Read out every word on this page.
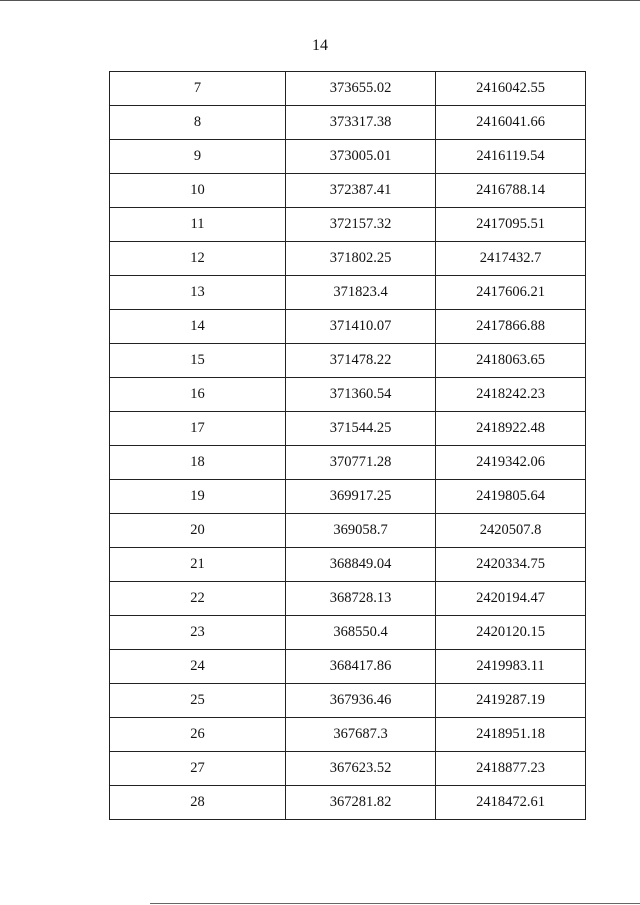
14
7	373655.02	2416042.55
8	373317.38	2416041.66
9	373005.01	2416119.54
10	372387.41	2416788.14
11	372157.32	2417095.51
12	371802.25	2417432.7
13	371823.4	2417606.21
14	371410.07	2417866.88
15	371478.22	2418063.65
16	371360.54	2418242.23
17	371544.25	2418922.48
18	370771.28	2419342.06
19	369917.25	2419805.64
20	369058.7	2420507.8
21	368849.04	2420334.75
22	368728.13	2420194.47
23	368550.4	2420120.15
24	368417.86	2419983.11
25	367936.46	2419287.19
26	367687.3	2418951.18
27	367623.52	2418877.23
28	367281.82	2418472.61
